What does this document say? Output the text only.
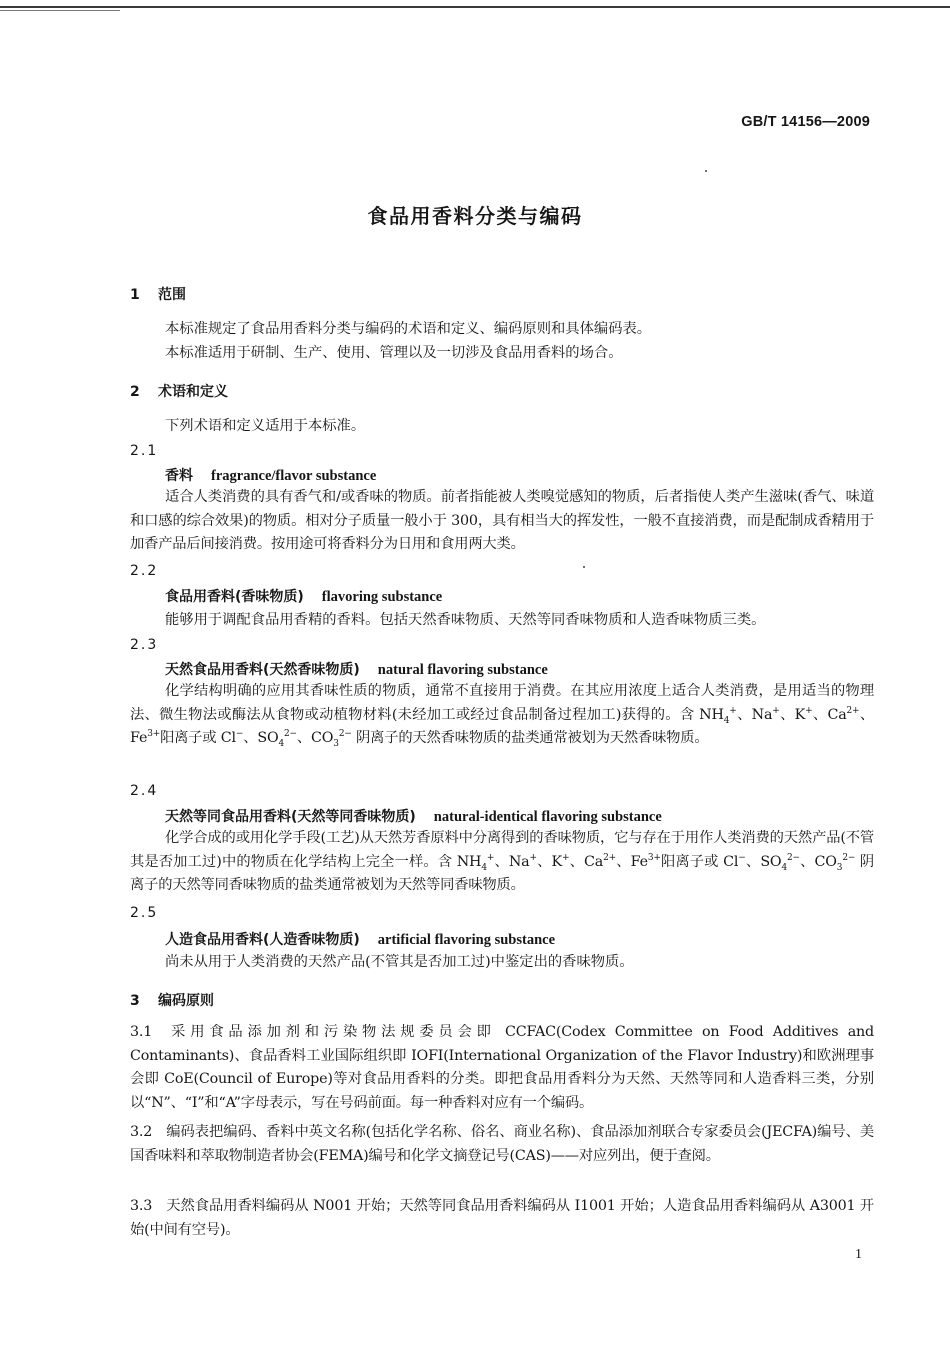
GB/T 14156—2009
食品用香料分类与编码
1 范围
本标准规定了食品用香料分类与编码的术语和定义、编码原则和具体编码表。
本标准适用于研制、生产、使用、管理以及一切涉及食品用香料的场合。
2 术语和定义
下列术语和定义适用于本标准。
2.1
香料 fragrance/flavor substance
适合人类消费的具有香气和/或香味的物质。前者指能被人类嗅觉感知的物质，后者指使人类产生滋味(香气、味道和口感的综合效果)的物质。相对分子质量一般小于 300，具有相当大的挥发性，一般不直接消费，而是配制成香精用于加香产品后间接消费。按用途可将香料分为日用和食用两大类。
2.2
食品用香料(香味物质) flavoring substance
能够用于调配食品用香精的香料。包括天然香味物质、天然等同香味物质和人造香味物质三类。
2.3
天然食品用香料(天然香味物质) natural flavoring substance
化学结构明确的应用其香味性质的物质，通常不直接用于消费。在其应用浓度上适合人类消费，是用适当的物理法、微生物法或酶法从食物或动植物材料(未经加工或经过食品制备过程加工)获得的。含 $NH_4^+$、Na+、K+、$Ca^{2+}$、$Fe^{3+}$阳离子或 Cl−、$SO_4^{2-}$、$CO_3^{2-}$ 阴离子的天然香味物质的盐类通常被划为天然香味物质。
2.4
天然等同食品用香料(天然等同香味物质) natural-identical flavoring substance
化学合成的或用化学手段(工艺)从天然芳香原料中分离得到的香味物质，它与存在于用作人类消费的天然产品(不管其是否加工过)中的物质在化学结构上完全一样。含 $NH_4^+$、Na+、K+、$Ca^{2+}$、$Fe^{3+}$阳离子或 Cl−、$SO_4^{2-}$、$CO_3^{2-}$ 阴离子的天然等同香味物质的盐类通常被划为天然等同香味物质。
2.5
人造食品用香料(人造香味物质) artificial flavoring substance
尚未从用于人类消费的天然产品(不管其是否加工过)中鉴定出的香味物质。
3 编码原则
3.1 采用食品添加剂和污染物法规委员会即 CCFAC(Codex Committee on Food Additives and Contaminants)、食品香料工业国际组织即 IOFI(International Organization of the Flavor Industry)和欧洲理事会即 CoE(Council of Europe)等对食品用香料的分类。即把食品用香料分为天然、天然等同和人造香料三类，分别以“N”、“I”和“A”字母表示，写在号码前面。每一种香料对应有一个编码。
3.2 编码表把编码、香料中英文名称(包括化学名称、俗名、商业名称)、食品添加剂联合专家委员会(JECFA)编号、美国香味料和萃取物制造者协会(FEMA)编号和化学文摘登记号(CAS)——对应列出，便于查阅。
3.3 天然食品用香料编码从 N001 开始；天然等同食品用香料编码从 I1001 开始；人造食品用香料编码从 A3001 开始(中间有空号)。
1
